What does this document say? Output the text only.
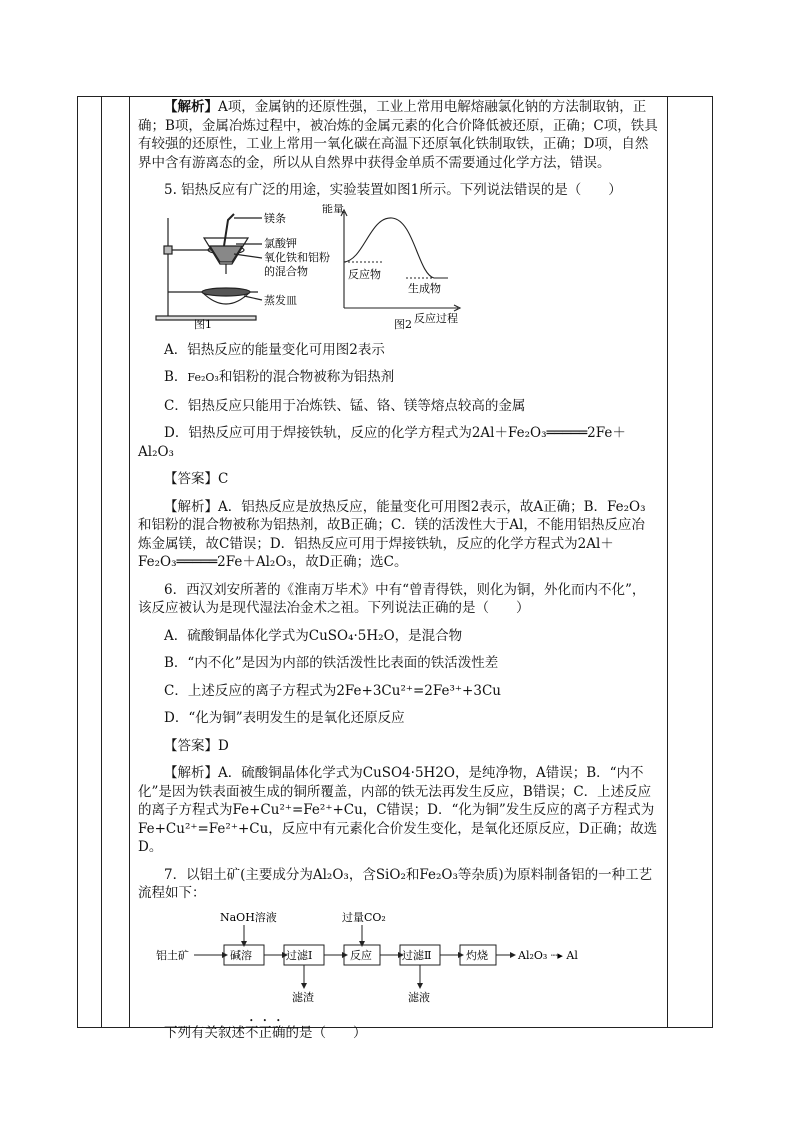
【解析】A项，金属钠的还原性强，工业上常用电解熔融氯化钠的方法制取钠，正确；B项，金属冶炼过程中，被冶炼的金属元素的化合价降低被还原，正确；C项，铁具有较强的还原性，工业上常用一氧化碳在高温下还原氧化铁制取铁，正确；D项，自然界中含有游离态的金，所以从自然界中获得金单质不需要通过化学方法，错误。

5. 铝热反应有广泛的用途，实验装置如图1所示。下列说法错误的是（　　）

镁条
氯酸钾
氧化铁和铝粉
的混合物
蒸发皿
图1
能量
反应物
生成物
反应过程
图2

A．铝热反应的能量变化可用图2表示

B．Fe₂O₃和铝粉的混合物被称为铝热剂

C．铝热反应只能用于冶炼铁、锰、铬、镁等熔点较高的金属

D．铝热反应可用于焊接铁轨，反应的化学方程式为2Al＋Fe₂O₃═════2Fe＋Al₂O₃

【答案】C

【解析】A．铝热反应是放热反应，能量变化可用图2表示，故A正确；B．Fe₂O₃和铝粉的混合物被称为铝热剂，故B正确；C．镁的活泼性大于Al，不能用铝热反应冶炼金属镁，故C错误；D．铝热反应可用于焊接铁轨，反应的化学方程式为2Al＋Fe₂O₃═════2Fe＋Al₂O₃，故D正确；选C。

6．西汉刘安所著的《淮南万毕术》中有“曾青得铁，则化为铜，外化而内不化”，该反应被认为是现代湿法冶金术之祖。下列说法正确的是（　　）

A．硫酸铜晶体化学式为CuSO₄·5H₂O，是混合物

B．“内不化”是因为内部的铁活泼性比表面的铁活泼性差

C．上述反应的离子方程式为2Fe+3Cu²⁺=2Fe³⁺+3Cu

D．“化为铜”表明发生的是氧化还原反应

【答案】D

【解析】A．硫酸铜晶体化学式为CuSO4·5H2O，是纯净物，A错误；B．“内不化”是因为铁表面被生成的铜所覆盖，内部的铁无法再发生反应，B错误；C．上述反应的离子方程式为Fe+Cu²⁺=Fe²⁺+Cu，C错误；D．“化为铜”发生反应的离子方程式为Fe+Cu²⁺=Fe²⁺+Cu，反应中有元素化合价发生变化，是氧化还原反应，D正确；故选D。

7．以铝土矿(主要成分为Al₂O₃，含SiO₂和Fe₂O₃等杂质)为原料制备铝的一种工艺流程如下：

NaOH溶液	过量CO₂
铝土矿	碱溶	过滤Ⅰ	反应	过滤Ⅱ	灼烧	Al₂O₃ ┈▸ Al
滤渣	滤液

下列有关叙述不正确的是（　　）
